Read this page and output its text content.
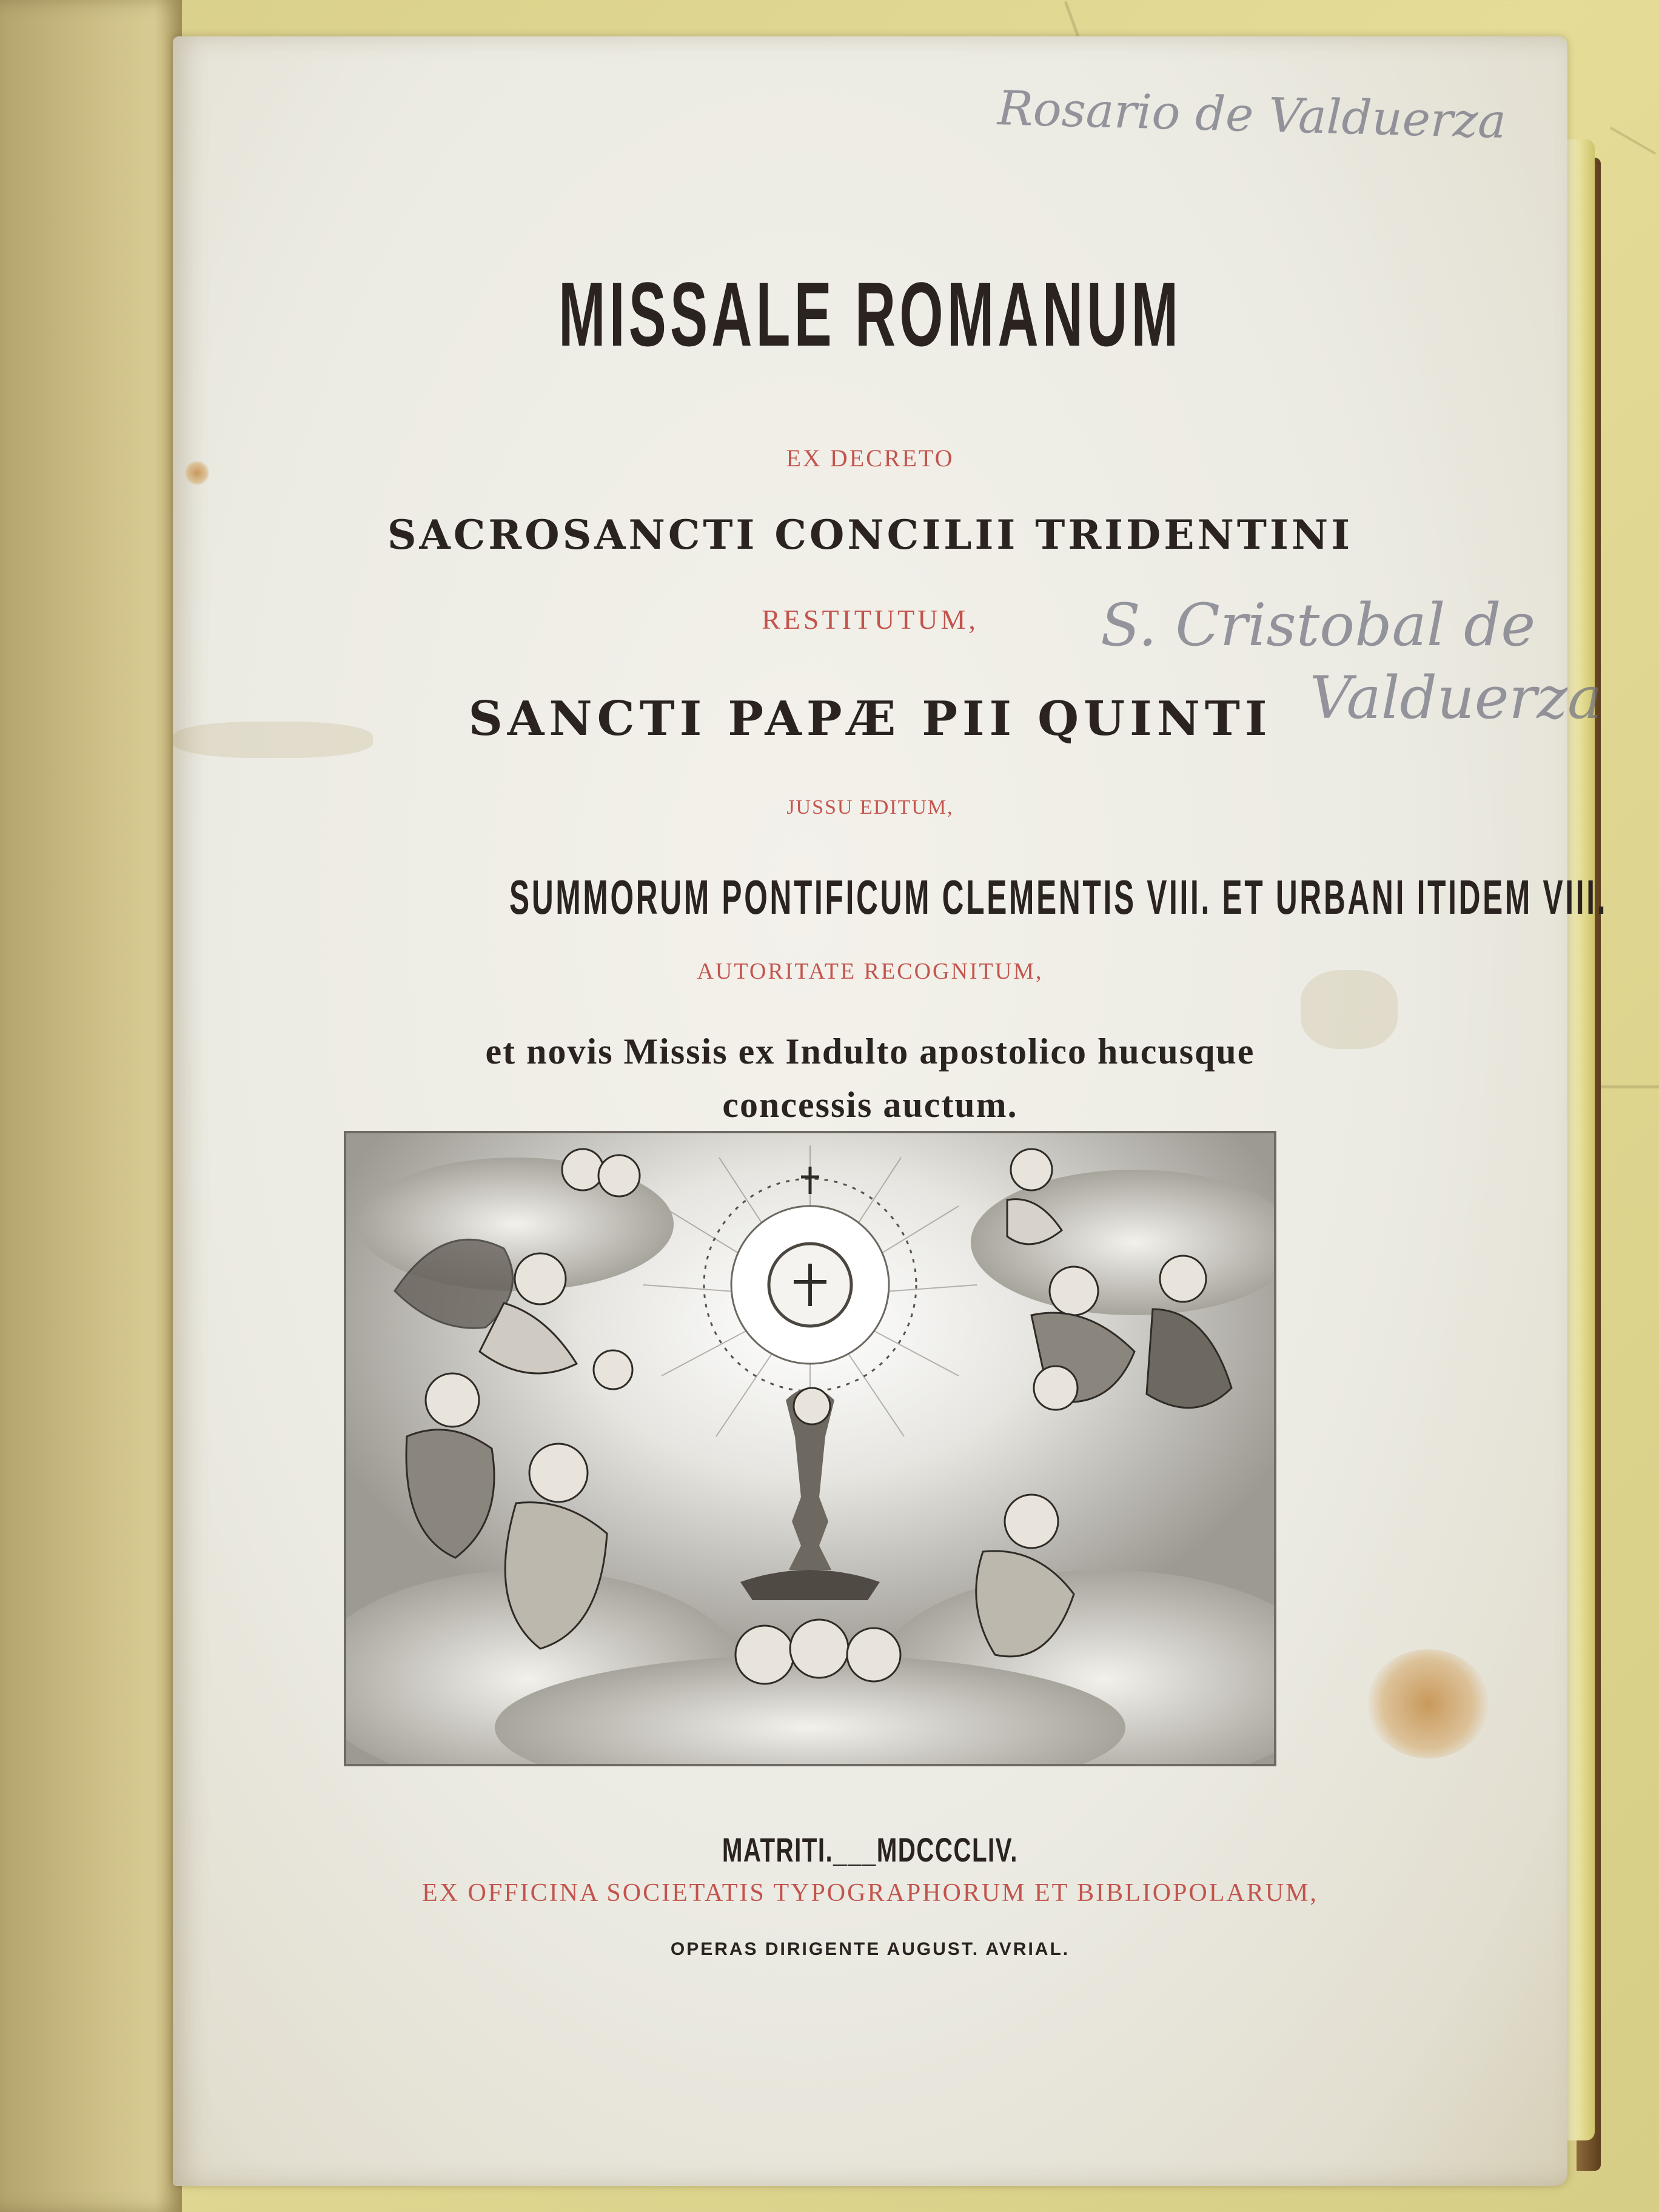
Rosario de Valduerza
S. Cristobal de
Valduerza
MISSALE ROMANUM

EX DECRETO

SACROSANCTI CONCILII TRIDENTINI

RESTITUTUM,

SANCTI PAPÆ PII QUINTI

JUSSU EDITUM,

SUMMORUM PONTIFICUM CLEMENTIS VIII. ET URBANI ITIDEM VIII.

AUTORITATE RECOGNITUM,

et novis Missis ex Indulto apostolico hucusque

concessis auctum.

MATRITI.___MDCCCLIV.

EX OFFICINA SOCIETATIS TYPOGRAPHORUM ET BIBLIOPOLARUM,

OPERAS DIRIGENTE AUGUST. AVRIAL.
